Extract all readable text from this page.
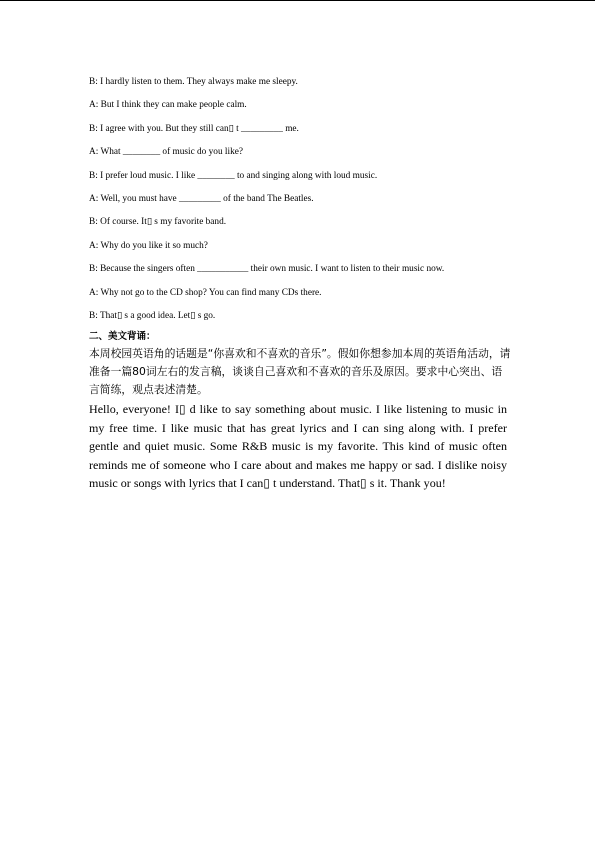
B: I hardly listen to them. They always make me sleepy.
A: But I think they can make people calm.
B: I agree with you. But they still can▯ t _________ me.
A: What ________ of music do you like?
B: I prefer loud music. I like ________ to and singing along with loud music.
A: Well, you must have _________ of the band The Beatles.
B: Of course. It▯ s my favorite band.
A: Why do you like it so much?
B: Because the singers often ___________ their own music. I want to listen to their music now.
A: Why not go to the CD shop? You can find many CDs there.
B: That▯ s a good idea. Let▯ s go.
二、美文背诵：
本周校园英语角的话题是“你喜欢和不喜欢的音乐”。假如你想参加本周的英语角活动，请准备一篇80词左右的发言稿，谈谈自己喜欢和不喜欢的音乐及原因。要求中心突出、语言简练，观点表述清楚。
Hello, everyone! I▯ d like to say something about music. I like listening to music in my free time. I like music that has great lyrics and I can sing along with. I prefer gentle and quiet music. Some R&B music is my favorite. This kind of music often reminds me of someone who I care about and makes me happy or sad. I dislike noisy music or songs with lyrics that I can▯ t understand. That▯ s it. Thank you!
